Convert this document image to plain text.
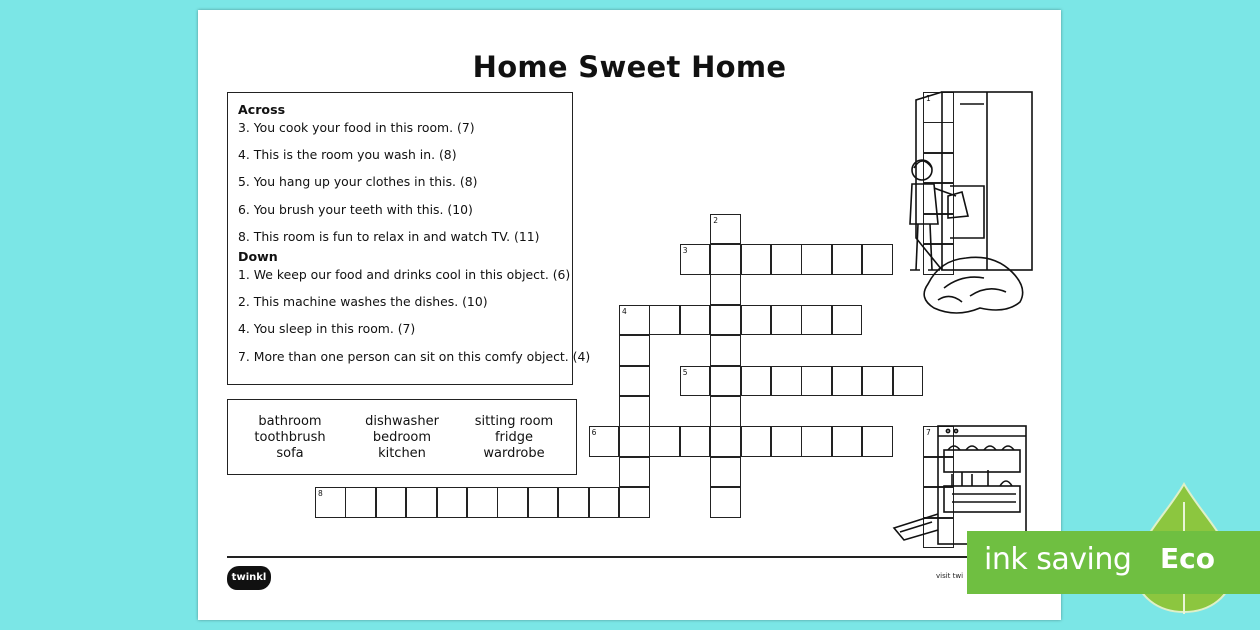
Home Sweet Home
Across
3. You cook your food in this room. (7)
4. This is the room you wash in. (8)
5. You hang up your clothes in this. (8)
6. You brush your teeth with this. (10)
8. This room is fun to relax in and watch TV. (11)
Down
1. We keep our food and drinks cool in this object. (6)
2. This machine washes the dishes. (10)
4. You sleep in this room. (7)
7. More than one person can sit on this comfy object. (4)
bathroom	dishwasher	sitting room
toothbrush	bedroom	fridge
sofa	kitchen	wardrobe
1
2
3
4
5
6	7
8
twinkl	visit twi ink saving Eco
